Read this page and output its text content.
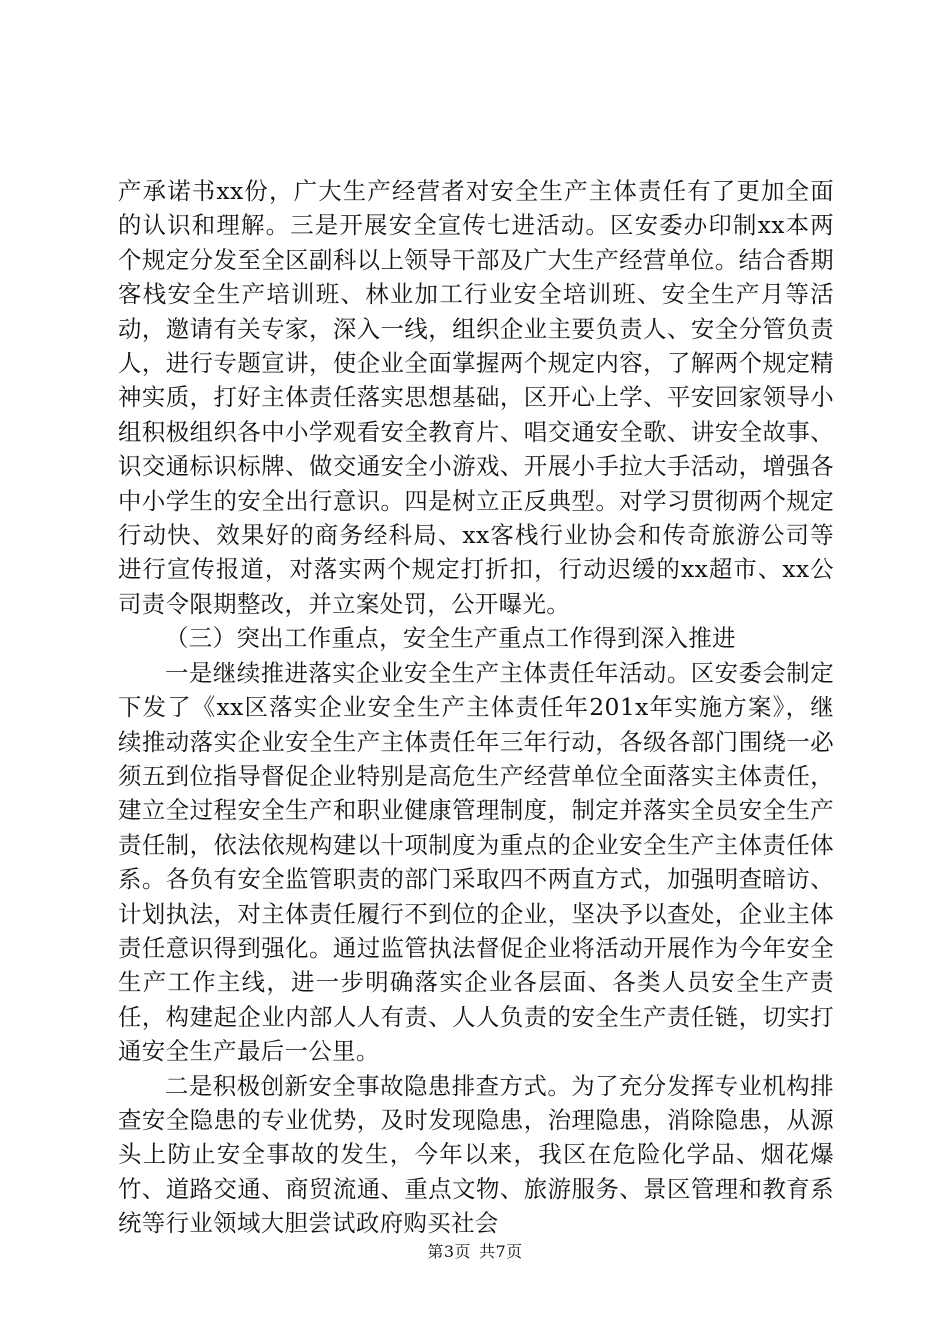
产承诺书xx份，广大生产经营者对安全生产主体责任有了更加全面的认识和理解。三是开展安全宣传七进活动。区安委办印制xx本两个规定分发至全区副科以上领导干部及广大生产经营单位。结合香期客栈安全生产培训班、林业加工行业安全培训班、安全生产月等活动，邀请有关专家，深入一线，组织企业主要负责人、安全分管负责人，进行专题宣讲，使企业全面掌握两个规定内容，了解两个规定精神实质，打好主体责任落实思想基础，区开心上学、平安回家领导小组积极组织各中小学观看安全教育片、唱交通安全歌、讲安全故事、识交通标识标牌、做交通安全小游戏、开展小手拉大手活动，增强各中小学生的安全出行意识。四是树立正反典型。对学习贯彻两个规定行动快、效果好的商务经科局、xx客栈行业协会和传奇旅游公司等进行宣传报道，对落实两个规定打折扣，行动迟缓的xx超市、xx公司责令限期整改，并立案处罚，公开曝光。

（三）突出工作重点，安全生产重点工作得到深入推进

一是继续推进落实企业安全生产主体责任年活动。区安委会制定下发了《xx区落实企业安全生产主体责任年201x年实施方案》，继续推动落实企业安全生产主体责任年三年行动，各级各部门围绕一必须五到位指导督促企业特别是高危生产经营单位全面落实主体责任，建立全过程安全生产和职业健康管理制度，制定并落实全员安全生产责任制，依法依规构建以十项制度为重点的企业安全生产主体责任体系。各负有安全监管职责的部门采取四不两直方式，加强明查暗访、计划执法，对主体责任履行不到位的企业，坚决予以查处，企业主体责任意识得到强化。通过监管执法督促企业将活动开展作为今年安全生产工作主线，进一步明确落实企业各层面、各类人员安全生产责任，构建起企业内部人人有责、人人负责的安全生产责任链，切实打通安全生产最后一公里。

二是积极创新安全事故隐患排查方式。为了充分发挥专业机构排查安全隐患的专业优势，及时发现隐患，治理隐患，消除隐患，从源头上防止安全事故的发生，今年以来，我区在危险化学品、烟花爆竹、道路交通、商贸流通、重点文物、旅游服务、景区管理和教育系统等行业领域大胆尝试政府购买社会

第3页 共7页
